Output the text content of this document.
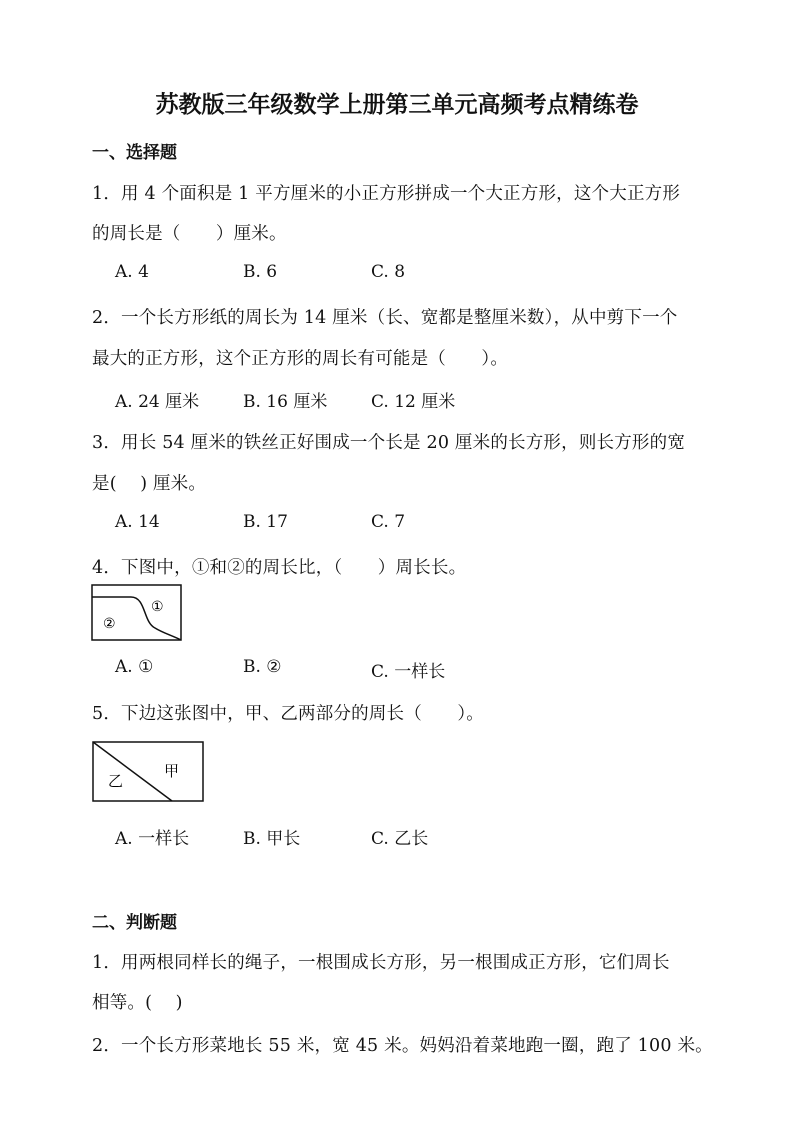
苏教版三年级数学上册第三单元高频考点精练卷
一、选择题
1．用 4 个面积是 1 平方厘米的小正方形拼成一个大正方形，这个大正方形
的周长是（　　）厘米。
A. 4	B. 6	C. 8
2．一个长方形纸的周长为 14 厘米（长、宽都是整厘米数），从中剪下一个
最大的正方形，这个正方形的周长有可能是（　　）。
A. 24 厘米	B. 16 厘米	C. 12 厘米
3．用长 54 厘米的铁丝正好围成一个长是 20 厘米的长方形，则长方形的宽
是(　 ) 厘米。
A. 14	B. 17	C. 7
4．下图中，①和②的周长比，（　　）周长长。
①
②
A. ①	B. ②	C. 一样长
5．下边这张图中，甲、乙两部分的周长（　　）。
甲
乙
A. 一样长	B. 甲长	C. 乙长
二、判断题
1．用两根同样长的绳子，一根围成长方形，另一根围成正方形，它们周长
相等。(　 )
2．一个长方形菜地长 55 米，宽 45 米。妈妈沿着菜地跑一圈，跑了 100 米。
